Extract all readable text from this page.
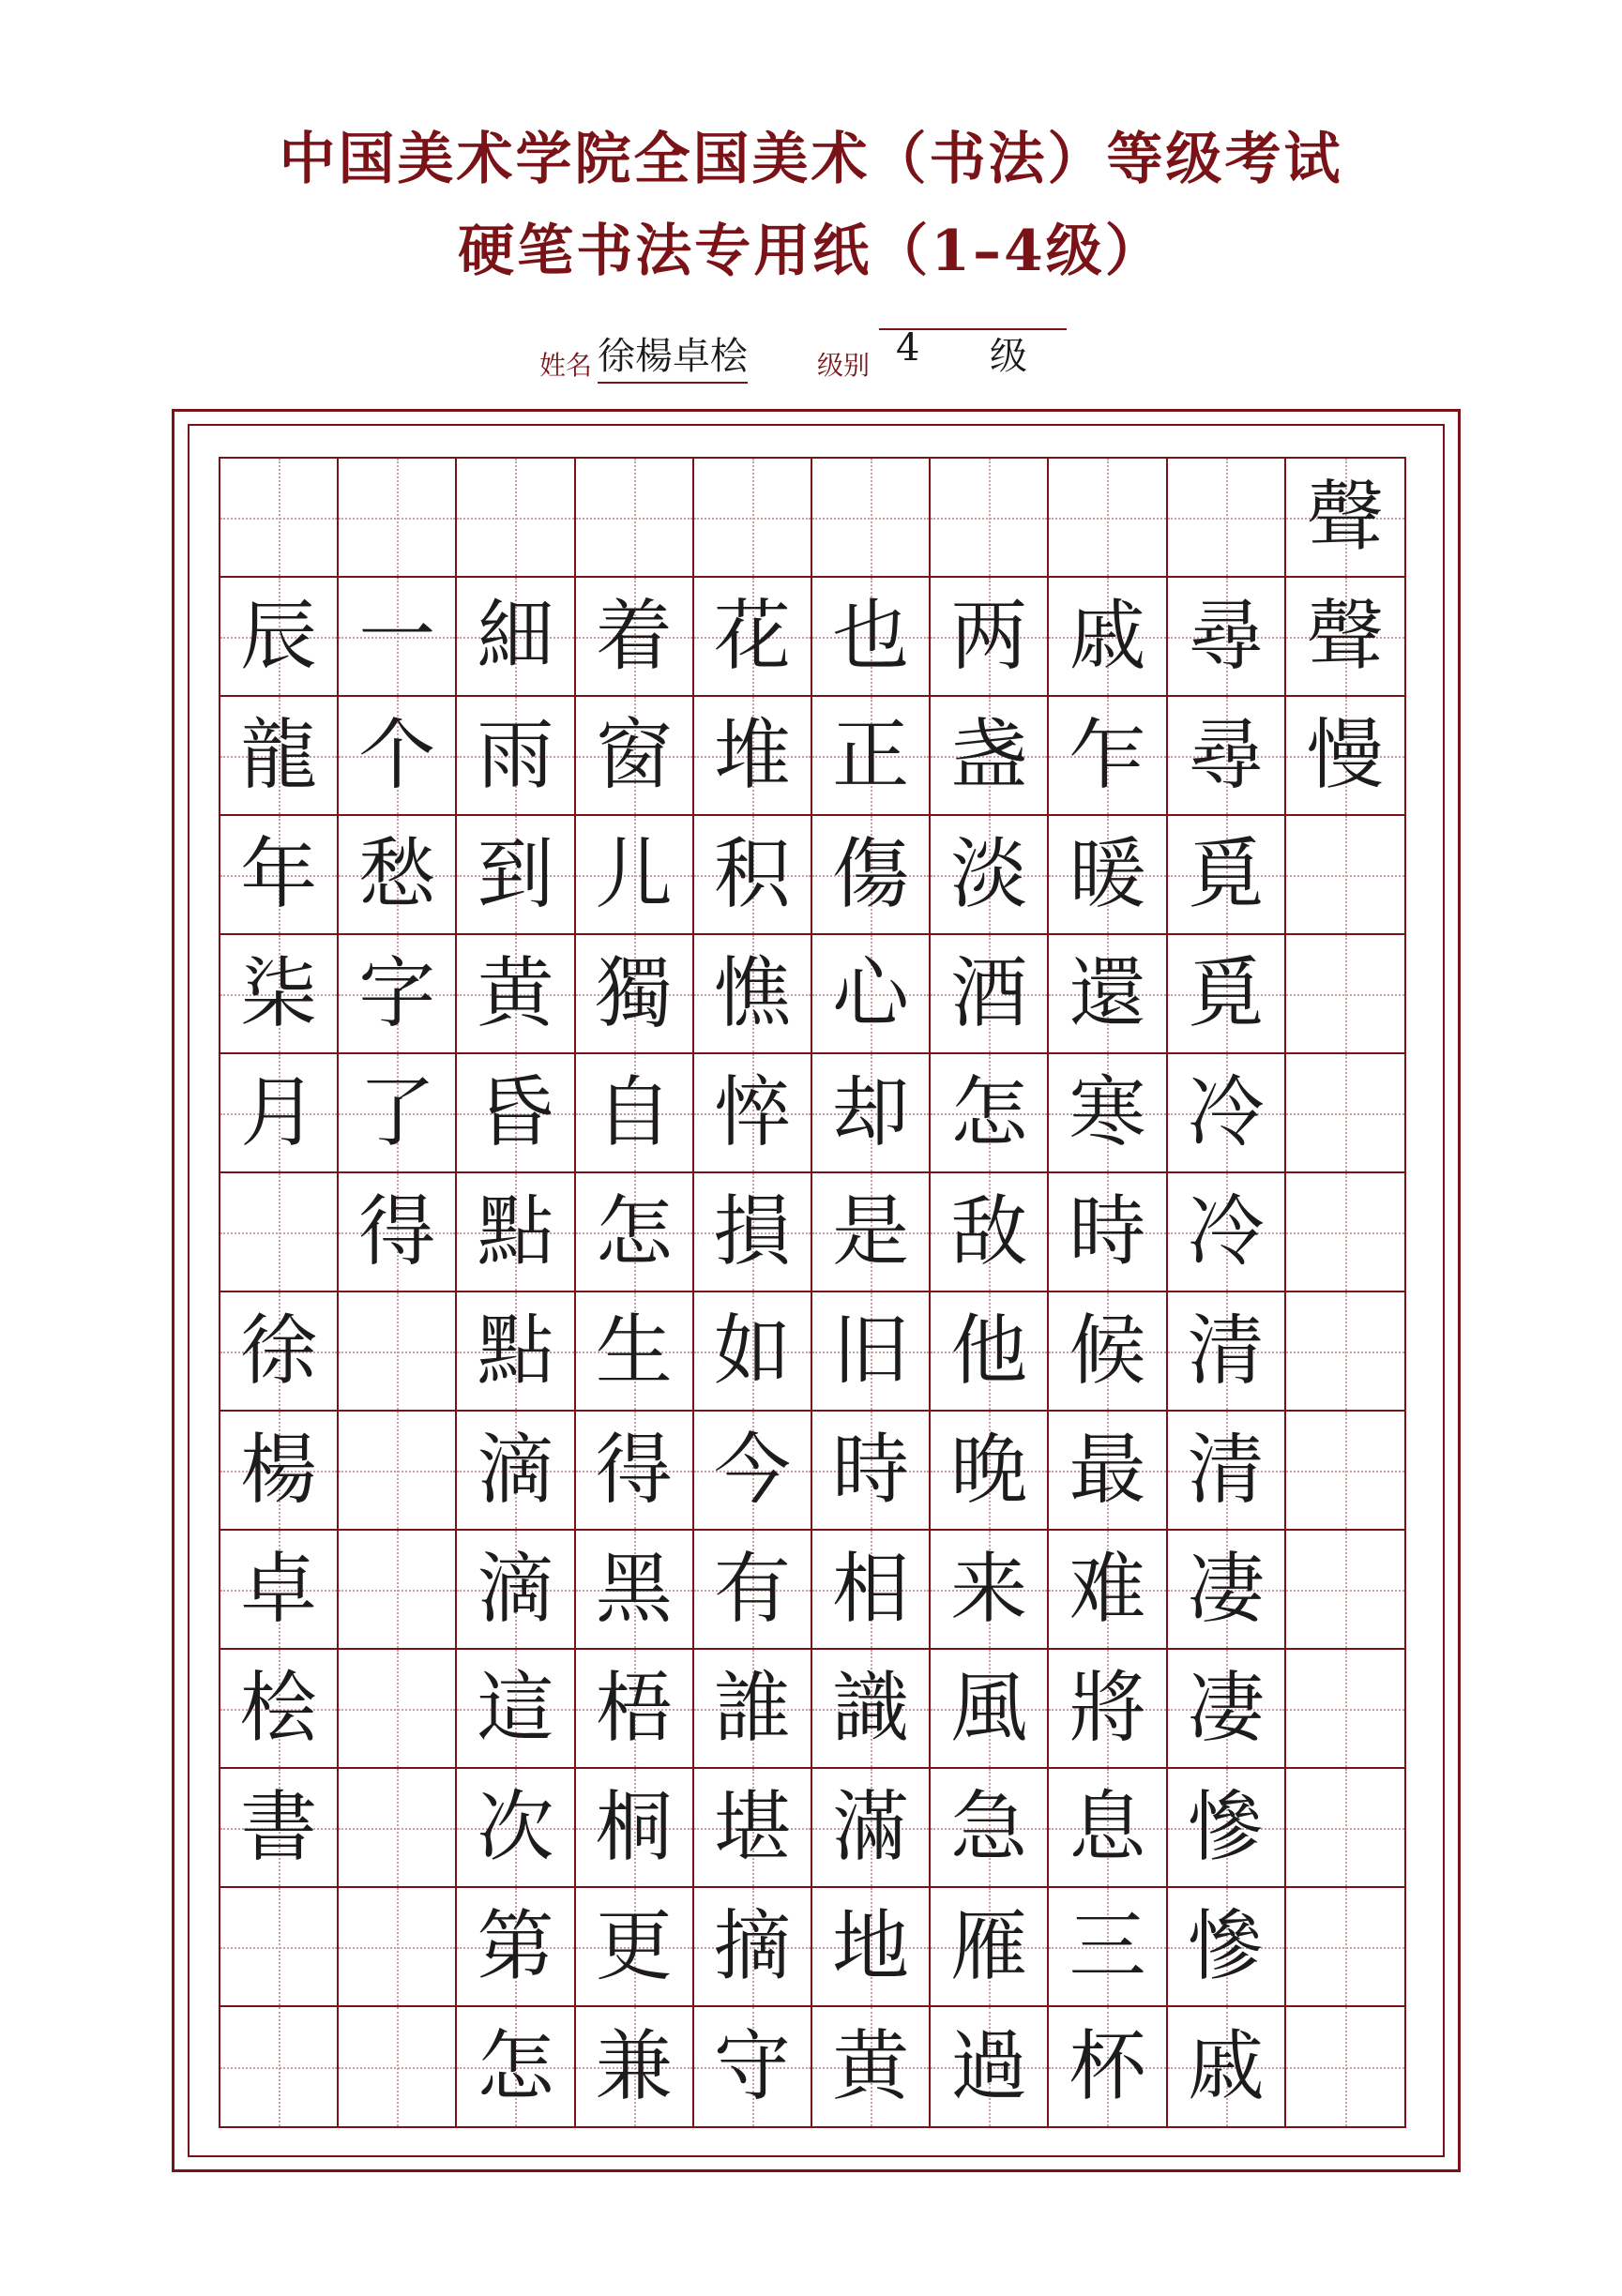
中国美术学院全国美术（书法）等级考试
硬笔书法专用纸（1–4级）
姓名 徐楊卓桧	级别 4 级
聲
辰 一 細 着 花 也 两 戚 尋 聲
龍 个 雨 窗 堆 正 盏 乍 尋 慢
年 愁 到 儿 积 傷 淡 暖 覓
柒 字 黄 獨 憔 心 酒 還 覓
月 了 昏 自 悴 却 怎 寒 冷
得 點 怎 損 是 敌 時 冷
徐 點 生 如 旧 他 候 清
楊 滴 得 今 時 晚 最 清
卓 滴 黑 有 相 来 难 凄
桧 這 梧 誰 識 風 將 凄
書 次 桐 堪 滿 急 息 慘
第 更 摘 地 雁 三 慘
怎 兼 守 黄 過 杯 戚
